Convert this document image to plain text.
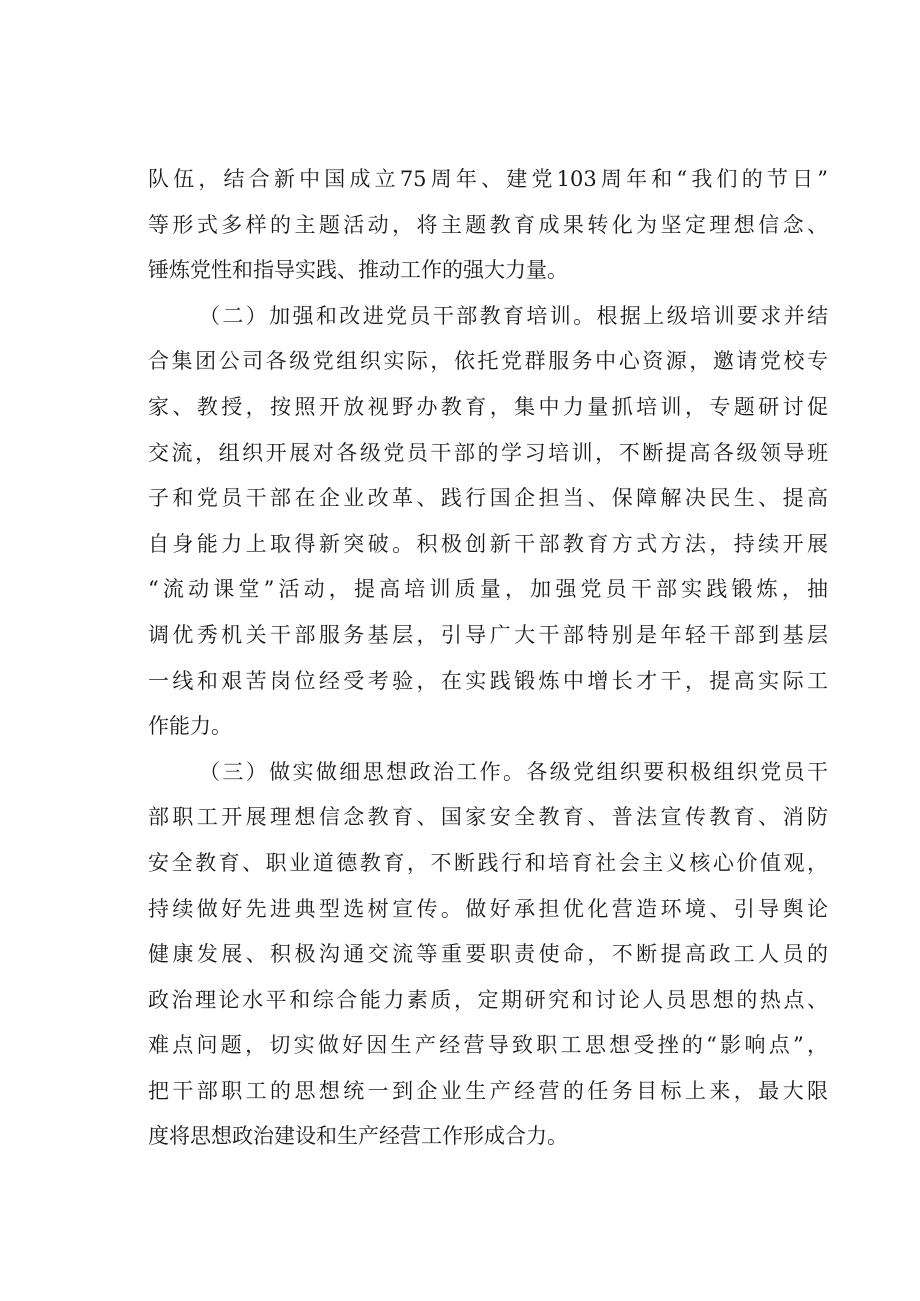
队伍，结合新中国成立75周年、建党103周年和“我们的节日”
等形式多样的主题活动，将主题教育成果转化为坚定理想信念、
锤炼党性和指导实践、推动工作的强大力量。
（二）加强和改进党员干部教育培训。根据上级培训要求并结
合集团公司各级党组织实际，依托党群服务中心资源，邀请党校专
家、教授，按照开放视野办教育，集中力量抓培训，专题研讨促
交流，组织开展对各级党员干部的学习培训，不断提高各级领导班
子和党员干部在企业改革、践行国企担当、保障解决民生、提高
自身能力上取得新突破。积极创新干部教育方式方法，持续开展
“流动课堂”活动，提高培训质量，加强党员干部实践锻炼，抽
调优秀机关干部服务基层，引导广大干部特别是年轻干部到基层
一线和艰苦岗位经受考验，在实践锻炼中增长才干，提高实际工
作能力。
（三）做实做细思想政治工作。各级党组织要积极组织党员干
部职工开展理想信念教育、国家安全教育、普法宣传教育、消防
安全教育、职业道德教育，不断践行和培育社会主义核心价值观，
持续做好先进典型选树宣传。做好承担优化营造环境、引导舆论
健康发展、积极沟通交流等重要职责使命，不断提高政工人员的
政治理论水平和综合能力素质，定期研究和讨论人员思想的热点、
难点问题，切实做好因生产经营导致职工思想受挫的“影响点”，
把干部职工的思想统一到企业生产经营的任务目标上来，最大限
度将思想政治建设和生产经营工作形成合力。
